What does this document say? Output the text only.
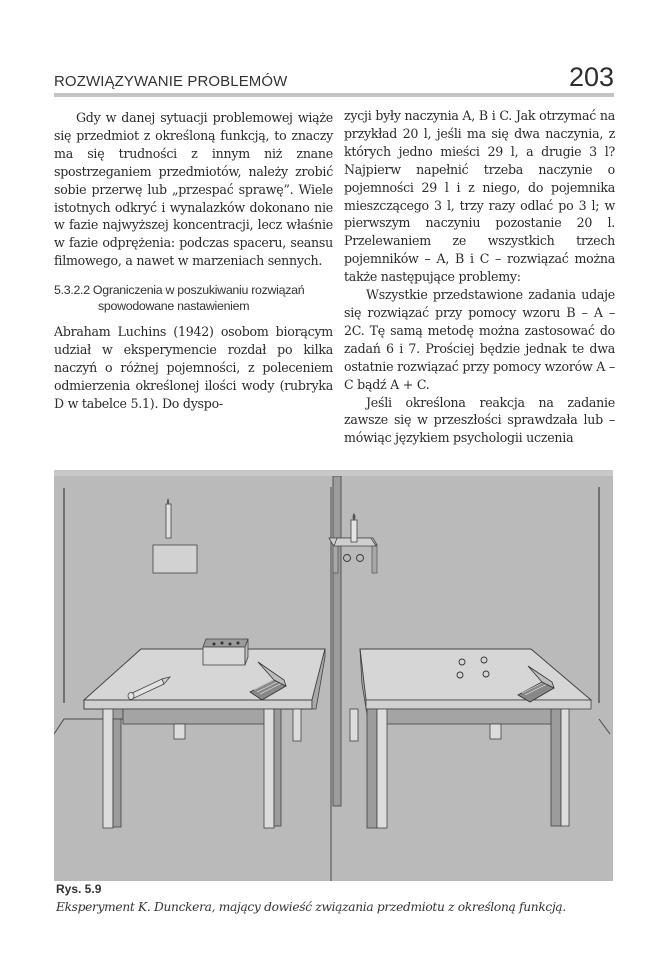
ROZWIĄZYWANIE PROBLEMÓW	203

Gdy w danej sytuacji problemowej wiąże się przedmiot z określoną funkcją, to znaczy ma się trudności z innym niż znane spostrzeganiem przedmiotów, należy zrobić sobie przerwę lub „przespać sprawę”. Wiele istotnych odkryć i wynalazków dokonano nie w fazie najwyższej koncentracji, lecz właśnie w fazie odprężenia: podczas spaceru, seansu filmowego, a nawet w marzeniach sennych.

5.3.2.2 Ograniczenia w poszukiwaniu rozwiązań
spowodowane nastawieniem

Abraham Luchins (1942) osobom biorącym udział w eksperymencie rozdał po kilka naczyń o różnej pojemności, z poleceniem odmierzenia określonej ilości wody (rubryka D w tabelce 5.1). Do dyspo-

zycji były naczynia A, B i C. Jak otrzymać na przykład 20 l, jeśli ma się dwa naczynia, z których jedno mieści 29 l, a drugie 3 l? Najpierw napełnić trzeba naczynie o pojemności 29 l i z niego, do pojemnika mieszczącego 3 l, trzy razy odlać po 3 l; w pierwszym naczyniu pozostanie 20 l. Przelewaniem ze wszystkich trzech pojemników – A, B i C – rozwiązać można także następujące problemy:

Wszystkie przedstawione zadania udaje się rozwiązać przy pomocy wzoru B – A – 2C. Tę samą metodę można zastosować do zadań 6 i 7. Prościej będzie jednak te dwa ostatnie rozwiązać przy pomocy wzorów A – C bądź A + C.

Jeśli określona reakcja na zadanie zawsze się w przeszłości sprawdzała lub – mówiąc językiem psychologii uczenia

Rys. 5.9
Eksperyment K. Dunckera, mający dowieść związania przedmiotu z określoną funkcją.
